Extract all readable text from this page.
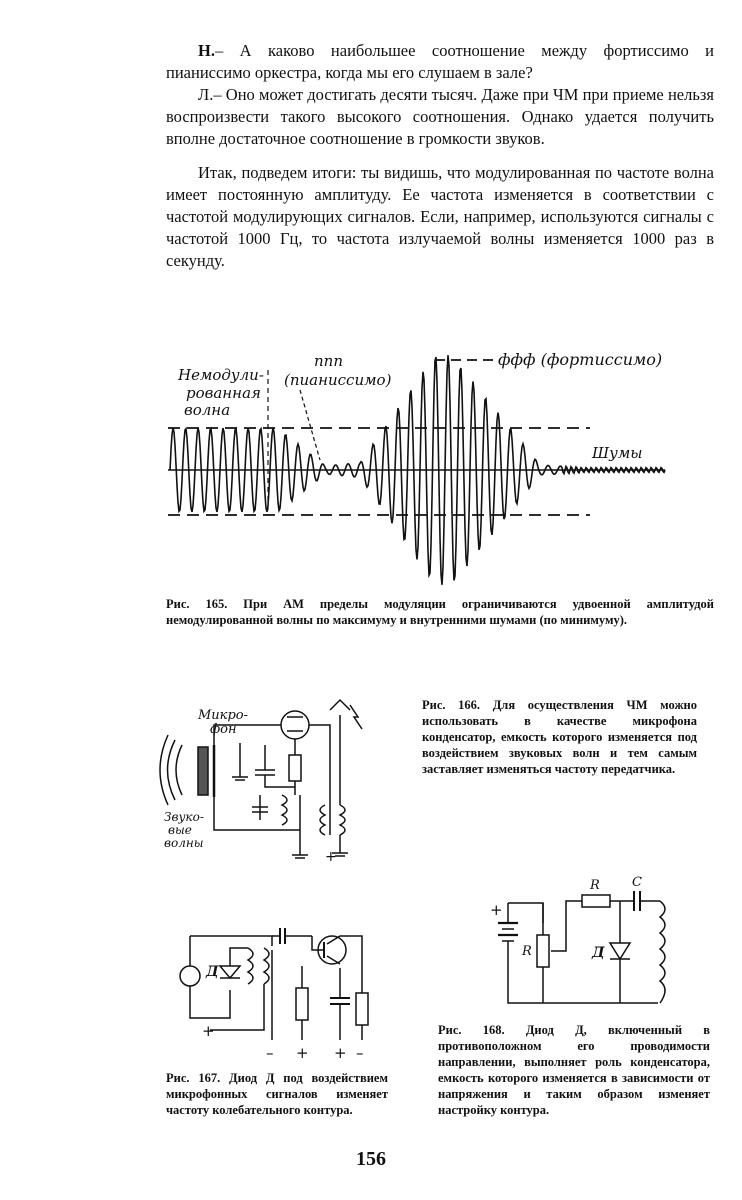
Н.– А каково наибольшее соотношение между фортиссимо и пианиссимо оркестра, когда мы его слушаем в зале?

Л.– Оно может достигать десяти тысяч. Даже при ЧМ при приеме нельзя воспроизвести такого высокого соотношения. Однако удается получить вполне достаточное соотношение в громкости звуков.

Итак, подведем итоги: ты видишь, что модулированная по частоте волна имеет постоянную амплитуду. Ее частота изменяется в соответствии с частотой модулирующих сигналов. Если, например, используются сигналы с частотой 1000 Гц, то частота излучаемой волны изменяется 1000 раз в секунду.

Немодули-
рованная
волна
ппп
(пианиссимо)
ффф (фортиссимо)
Шумы

Рис. 165. При АМ пределы модуляции ограничиваются удвоенной амплитудой немодулированной волны по максимуму и внутренними шумами (по минимуму).

Микро-
фон
Звуко-
вые
волны
+

Рис. 166. Для осуществления ЧМ можно использовать в качестве микрофона конденсатор, емкость которого изменяется под воздействием звуковых волн и тем самым заставляет изменяться частоту передатчика.

+
R
R C
Д
Д
+
– + + –

Рис. 167. Диод Д под воздействием микрофонных сигналов изменяет частоту колебательного контура.

Рис. 168. Диод Д, включенный в противоположном его проводимости направлении, выполняет роль конденсатора, емкость которого изменяется в зависимости от напряжения и таким образом изменяет настройку контура.

156
